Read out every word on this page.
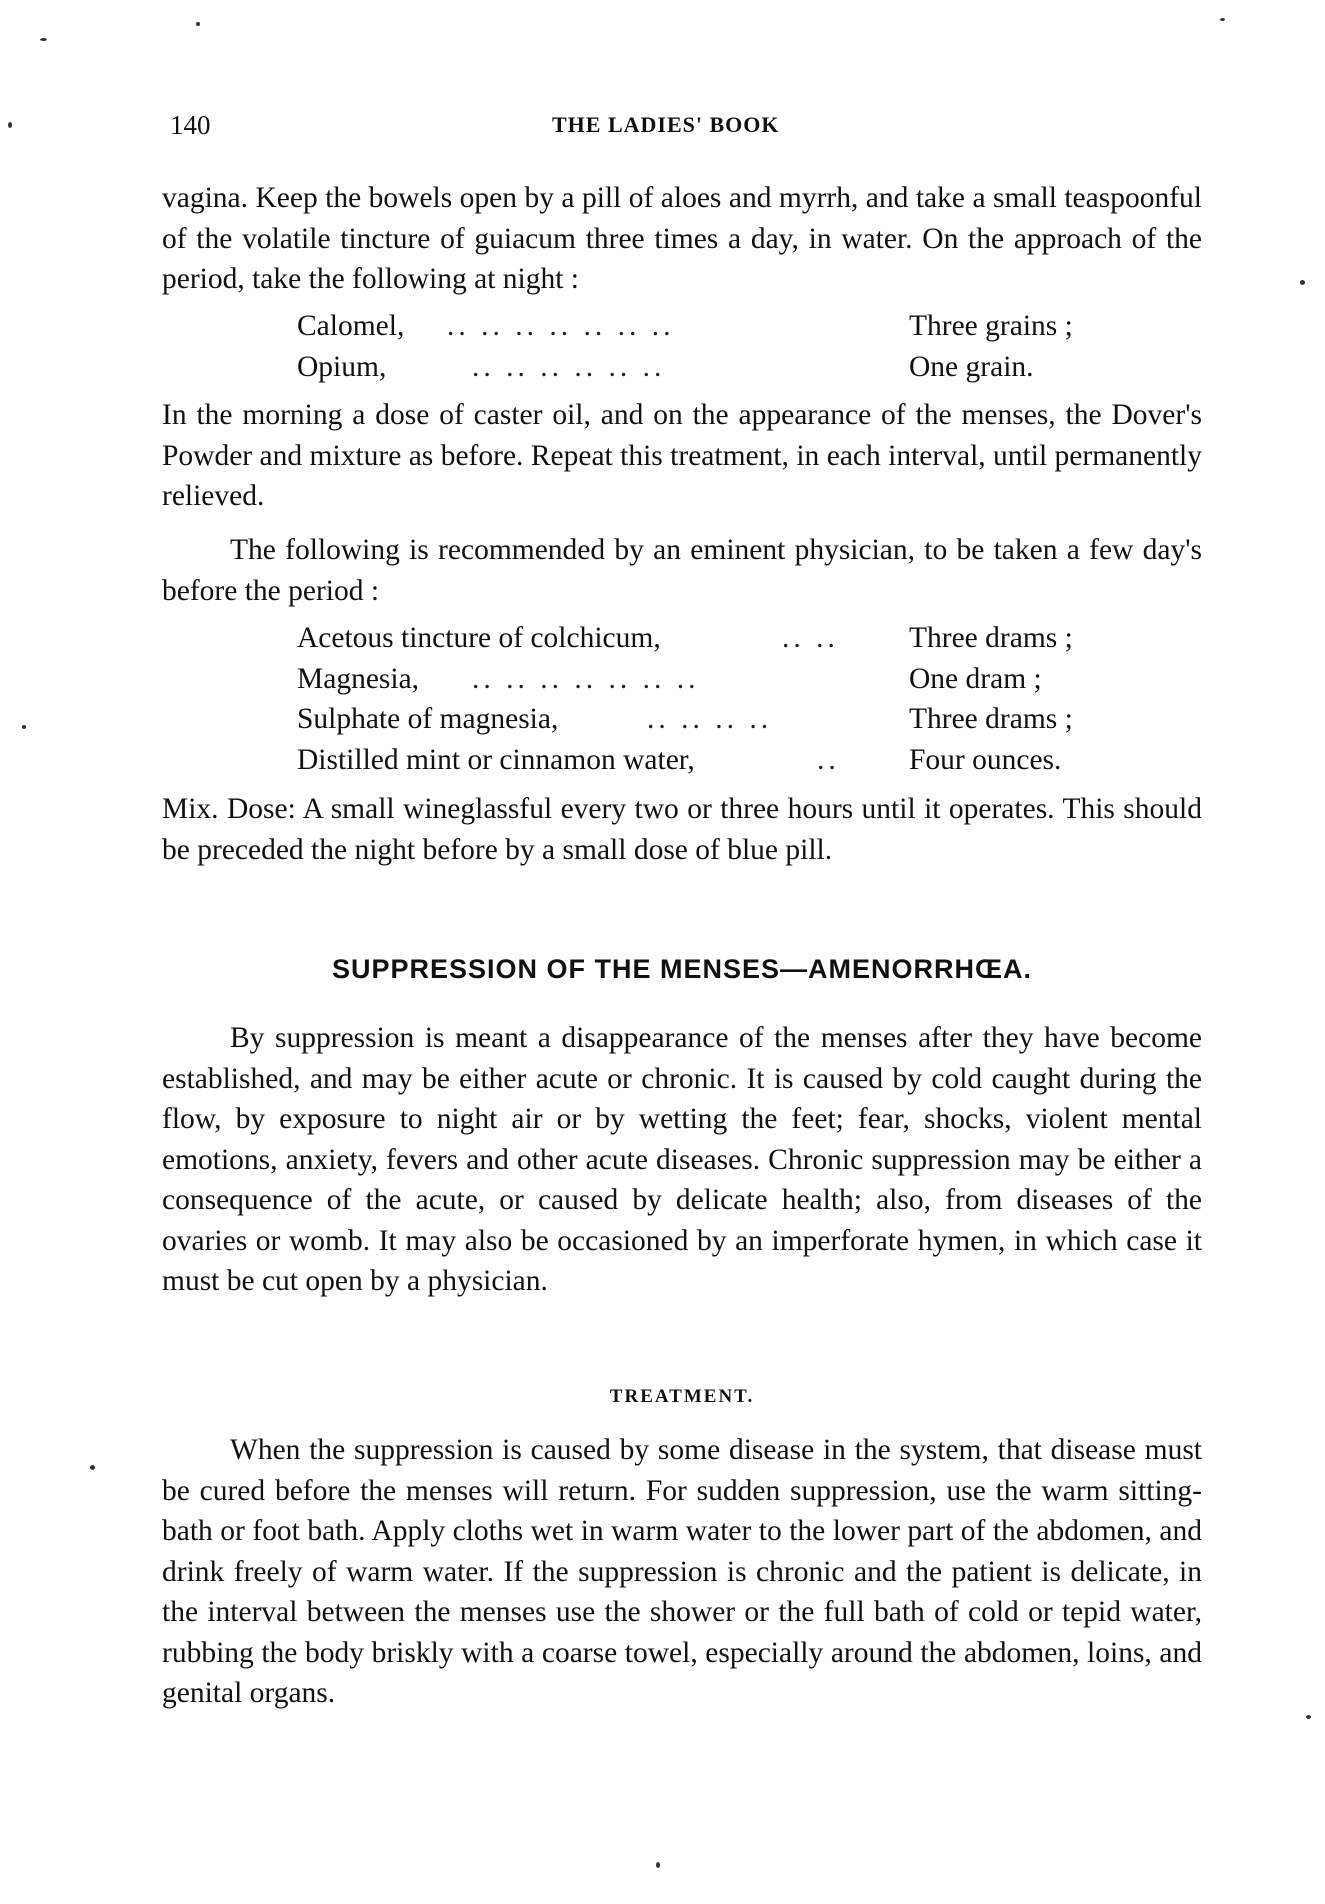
140	THE LADIES' BOOK

vagina. Keep the bowels open by a pill of aloes and myrrh, and take a small teaspoonful of the volatile tincture of guiacum three times a day, in water. On the approach of the period, take the following at night :

Calomel, .. .. .. .. .. .. ..	Three grains ;
Opium,	.. .. .. .. .. ..	One grain.

In the morning a dose of caster oil, and on the appearance of the menses, the Dover's Powder and mixture as before. Repeat this treatment, in each interval, until permanently relieved.

The following is recommended by an eminent physician, to be taken a few day's before the period :

Acetous tincture of colchicum,	.. .. Three drams ;
Magnesia, .. .. .. .. .. .. ..	One dram ;
Sulphate of magnesia,	.. .. .. ..	Three drams ;
Distilled mint or cinnamon water,	.. Four ounces.

Mix. Dose: A small wineglassful every two or three hours until it operates. This should be preceded the night before by a small dose of blue pill.

SUPPRESSION OF THE MENSES—AMENORRHŒA.

By suppression is meant a disappearance of the menses after they have become established, and may be either acute or chronic. It is caused by cold caught during the flow, by exposure to night air or by wetting the feet; fear, shocks, violent mental emotions, anxiety, fevers and other acute diseases. Chronic suppression may be either a consequence of the acute, or caused by delicate health; also, from diseases of the ovaries or womb. It may also be occasioned by an imperforate hymen, in which case it must be cut open by a physician.

TREATMENT.

When the suppression is caused by some disease in the system, that disease must be cured before the menses will return. For sudden suppression, use the warm sitting-bath or foot bath. Apply cloths wet in warm water to the lower part of the abdomen, and drink freely of warm water. If the suppression is chronic and the patient is delicate, in the interval between the menses use the shower or the full bath of cold or tepid water, rubbing the body briskly with a coarse towel, especially around the abdomen, loins, and genital organs.
